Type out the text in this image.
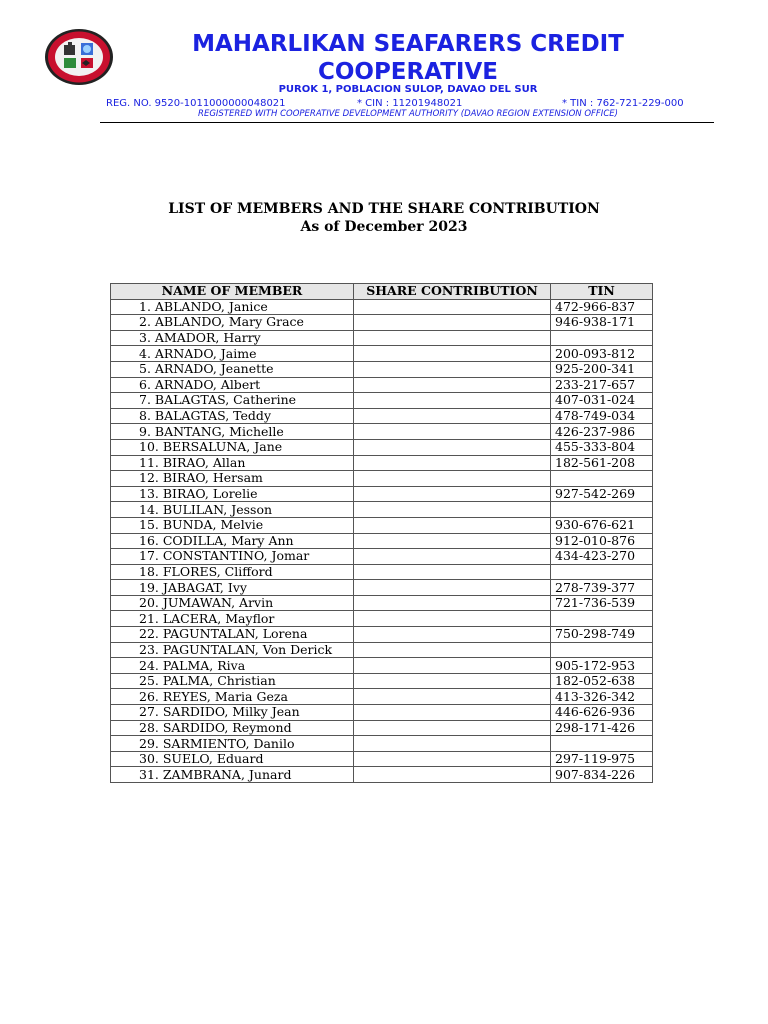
MAHARLIKAN SEAFARERS CREDIT
COOPERATIVE
PUROK 1, POBLACION SULOP, DAVAO DEL SUR
REG. NO. 9520-1011000000048021	* CIN : 11201948021	* TIN : 762-721-229-000
REGISTERED WITH COOPERATIVE DEVELOPMENT AUTHORITY (DAVAO REGION EXTENSION OFFICE)
LIST OF MEMBERS AND THE SHARE CONTRIBUTION
As of December 2023
NAME OF MEMBER	SHARE CONTRIBUTION	TIN
1. ABLANDO, Janice		472-966-837
2. ABLANDO, Mary Grace		946-938-171
3. AMADOR, Harry		
4. ARNADO, Jaime		200-093-812
5. ARNADO, Jeanette		925-200-341
6. ARNADO, Albert		233-217-657
7. BALAGTAS, Catherine		407-031-024
8. BALAGTAS, Teddy		478-749-034
9. BANTANG, Michelle		426-237-986
10. BERSALUNA, Jane		455-333-804
11. BIRAO, Allan		182-561-208
12. BIRAO, Hersam		
13. BIRAO, Lorelie		927-542-269
14. BULILAN, Jesson		
15. BUNDA, Melvie		930-676-621
16. CODILLA, Mary Ann		912-010-876
17. CONSTANTINO, Jomar		434-423-270
18. FLORES, Clifford		
19. JABAGAT, Ivy		278-739-377
20. JUMAWAN, Arvin		721-736-539
21. LACERA, Mayflor		
22. PAGUNTALAN, Lorena		750-298-749
23. PAGUNTALAN, Von Derick		
24. PALMA, Riva		905-172-953
25. PALMA, Christian		182-052-638
26. REYES, Maria Geza		413-326-342
27. SARDIDO, Milky Jean		446-626-936
28. SARDIDO, Reymond		298-171-426
29. SARMIENTO, Danilo		
30. SUELO, Eduard		297-119-975
31. ZAMBRANA, Junard		907-834-226
